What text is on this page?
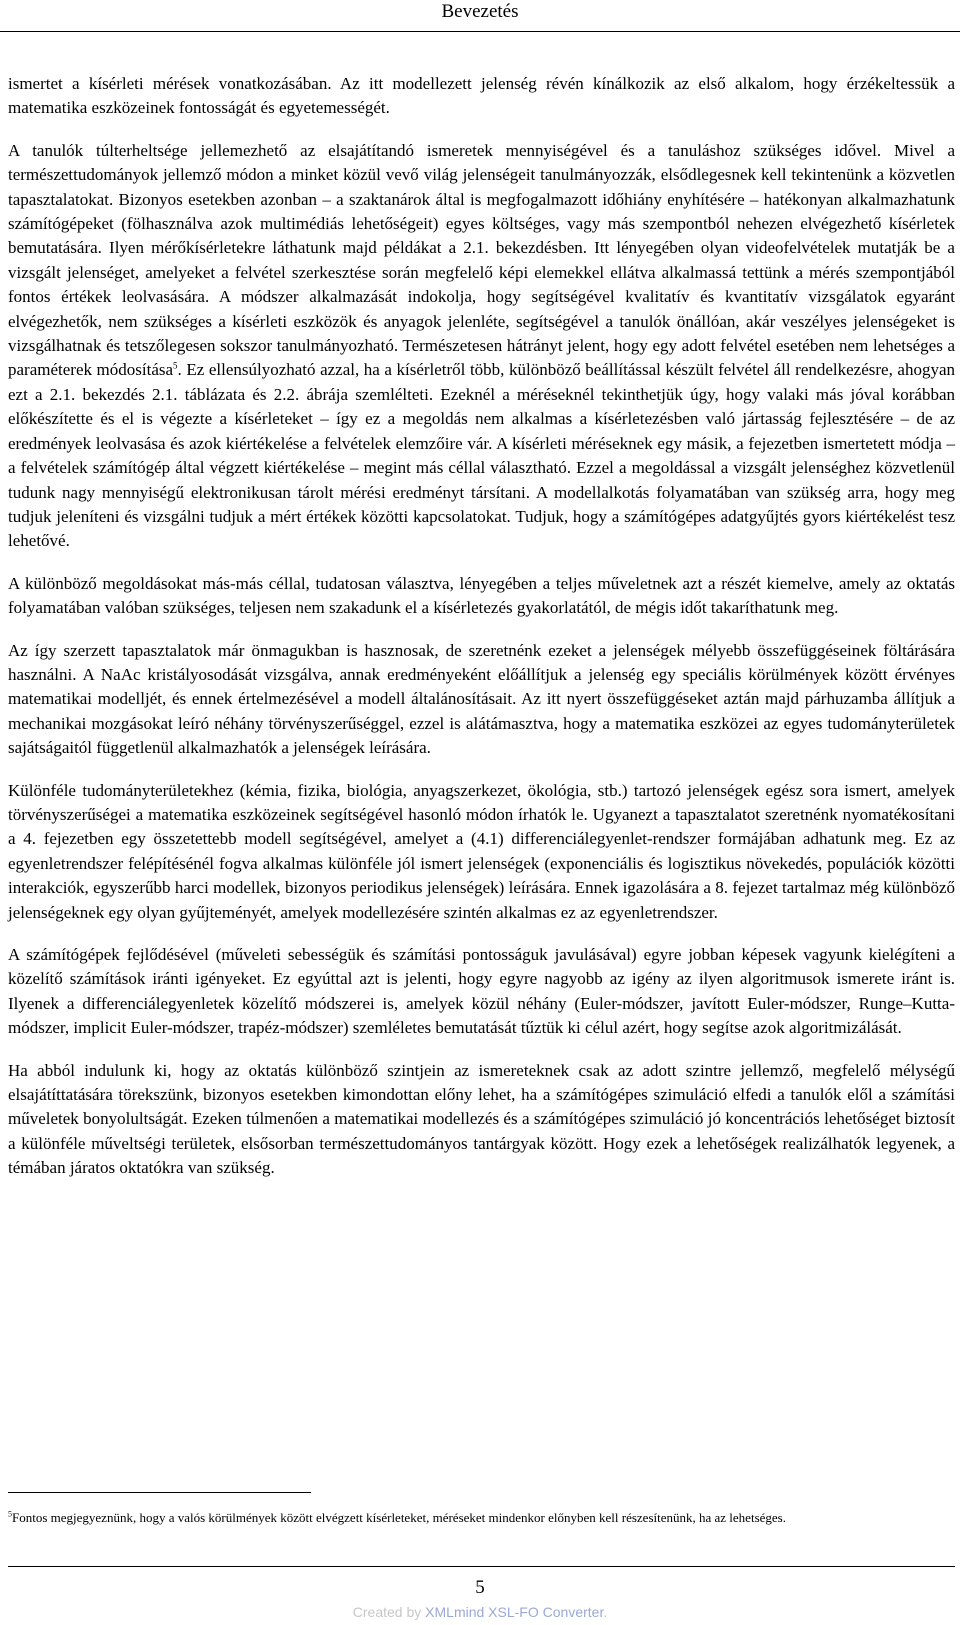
Bevezetés

ismertet a kísérleti mérések vonatkozásában. Az itt modellezett jelenség révén kínálkozik az első alkalom, hogy érzékeltessük a matematika eszközeinek fontosságát és egyetemességét.

A tanulók túlterheltsége jellemezhető az elsajátítandó ismeretek mennyiségével és a tanuláshoz szükséges idővel. Mivel a természettudományok jellemző módon a minket közül vevő világ jelenségeit tanulmányozzák, elsődlegesnek kell tekintenünk a közvetlen tapasztalatokat. Bizonyos esetekben azonban – a szaktanárok által is megfogalmazott időhiány enyhítésére – hatékonyan alkalmazhatunk számítógépeket (fölhasználva azok multimédiás lehetőségeit) egyes költséges, vagy más szempontból nehezen elvégezhető kísérletek bemutatására. Ilyen mérőkísérletekre láthatunk majd példákat a 2.1. bekezdésben. Itt lényegében olyan videofelvételek mutatják be a vizsgált jelenséget, amelyeket a felvétel szerkesztése során megfelelő képi elemekkel ellátva alkalmassá tettünk a mérés szempontjából fontos értékek leolvasására. A módszer alkalmazását indokolja, hogy segítségével kvalitatív és kvantitatív vizsgálatok egyaránt elvégezhetők, nem szükséges a kísérleti eszközök és anyagok jelenléte, segítségével a tanulók önállóan, akár veszélyes jelenségeket is vizsgálhatnak és tetszőlegesen sokszor tanulmányozható. Természetesen hátrányt jelent, hogy egy adott felvétel esetében nem lehetséges a paraméterek módosítása$^5$. Ez ellensúlyozható azzal, ha a kísérletről több, különböző beállítással készült felvétel áll rendelkezésre, ahogyan ezt a 2.1. bekezdés 2.1. táblázata és 2.2. ábrája szemlélteti. Ezeknél a méréseknél tekinthetjük úgy, hogy valaki más jóval korábban előkészítette és el is végezte a kísérleteket – így ez a megoldás nem alkalmas a kísérletezésben való jártasság fejlesztésére – de az eredmények leolvasása és azok kiértékelése a felvételek elemzőire vár. A kísérleti méréseknek egy másik, a fejezetben ismertetett módja – a felvételek számítógép által végzett kiértékelése – megint más céllal választható. Ezzel a megoldással a vizsgált jelenséghez közvetlenül tudunk nagy mennyiségű elektronikusan tárolt mérési eredményt társítani. A modellalkotás folyamatában van szükség arra, hogy meg tudjuk jeleníteni és vizsgálni tudjuk a mért értékek közötti kapcsolatokat. Tudjuk, hogy a számítógépes adatgyűjtés gyors kiértékelést tesz lehetővé.

A különböző megoldásokat más-más céllal, tudatosan választva, lényegében a teljes műveletnek azt a részét kiemelve, amely az oktatás folyamatában valóban szükséges, teljesen nem szakadunk el a kísérletezés gyakorlatától, de mégis időt takaríthatunk meg.

Az így szerzett tapasztalatok már önmagukban is hasznosak, de szeretnénk ezeket a jelenségek mélyebb összefüggéseinek föltárására használni. A NaAc kristályosodását vizsgálva, annak eredményeként előállítjuk a jelenség egy speciális körülmények között érvényes matematikai modelljét, és ennek értelmezésével a modell általánosításait. Az itt nyert összefüggéseket aztán majd párhuzamba állítjuk a mechanikai mozgásokat leíró néhány törvényszerűséggel, ezzel is alátámasztva, hogy a matematika eszközei az egyes tudományterületek sajátságaitól függetlenül alkalmazhatók a jelenségek leírására.

Különféle tudományterületekhez (kémia, fizika, biológia, anyagszerkezet, ökológia, stb.) tartozó jelenségek egész sora ismert, amelyek törvényszerűségei a matematika eszközeinek segítségével hasonló módon írhatók le. Ugyanezt a tapasztalatot szeretnénk nyomatékosítani a 4. fejezetben egy összetettebb modell segítségével, amelyet a (4.1) differenciálegyenlet-rendszer formájában adhatunk meg. Ez az egyenletrendszer felépítésénél fogva alkalmas különféle jól ismert jelenségek (exponenciális és logisztikus növekedés, populációk közötti interakciók, egyszerűbb harci modellek, bizonyos periodikus jelenségek) leírására. Ennek igazolására a 8. fejezet tartalmaz még különböző jelenségeknek egy olyan gyűjteményét, amelyek modellezésére szintén alkalmas ez az egyenletrendszer.

A számítógépek fejlődésével (műveleti sebességük és számítási pontosságuk javulásával) egyre jobban képesek vagyunk kielégíteni a közelítő számítások iránti igényeket. Ez egyúttal azt is jelenti, hogy egyre nagyobb az igény az ilyen algoritmusok ismerete iránt is. Ilyenek a differenciálegyenletek közelítő módszerei is, amelyek közül néhány (Euler-módszer, javított Euler-módszer, Runge–Kutta-módszer, implicit Euler-módszer, trapéz-módszer) szemléletes bemutatását tűztük ki célul azért, hogy segítse azok algoritmizálását.

Ha abból indulunk ki, hogy az oktatás különböző szintjein az ismereteknek csak az adott szintre jellemző, megfelelő mélységű elsajátíttatására törekszünk, bizonyos esetekben kimondottan előny lehet, ha a számítógépes szimuláció elfedi a tanulók elől a számítási műveletek bonyolultságát. Ezeken túlmenően a matematikai modellezés és a számítógépes szimuláció jó koncentrációs lehetőséget biztosít a különféle műveltségi területek, elsősorban természettudományos tantárgyak között. Hogy ezek a lehetőségek realizálhatók legyenek, a témában járatos oktatókra van szükség.

$^5$Fontos megjegyeznünk, hogy a valós körülmények között elvégzett kísérleteket, méréseket mindenkor előnyben kell részesítenünk, ha az lehetséges.
5
Created by XMLmind XSL-FO Converter.
